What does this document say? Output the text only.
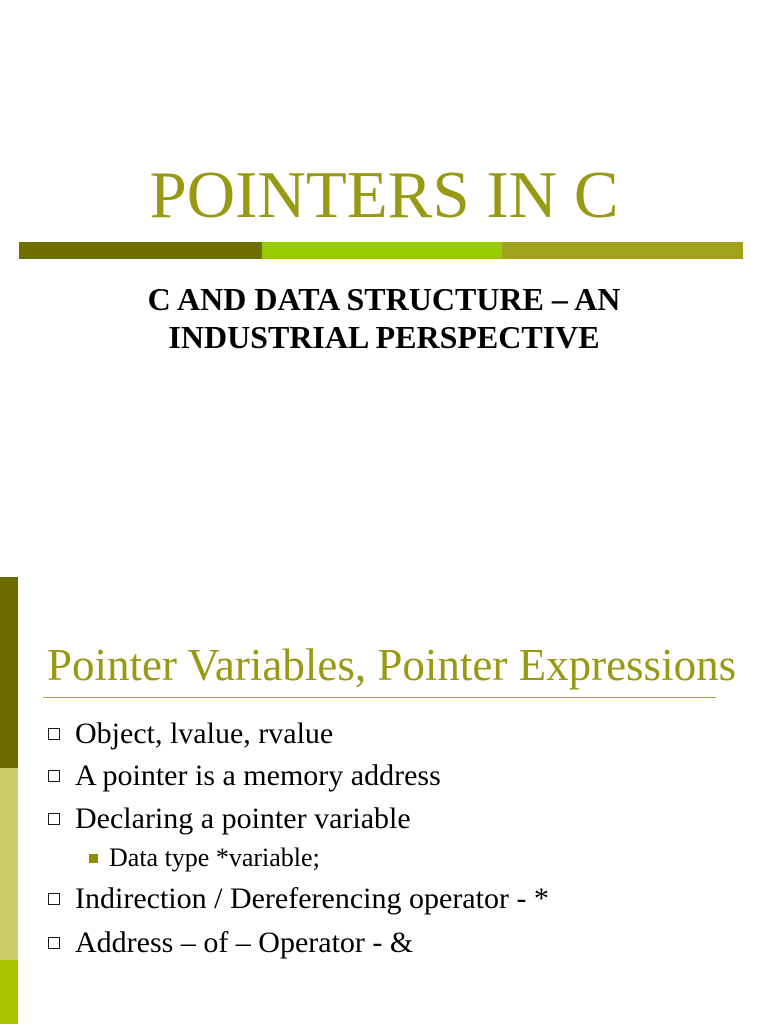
POINTERS IN C
C AND DATA STRUCTURE – AN
INDUSTRIAL PERSPECTIVE
Pointer Variables, Pointer Expressions
Object, lvalue, rvalue
A pointer is a memory address
Declaring a pointer variable
Data type *variable;
Indirection / Dereferencing operator - *
Address – of – Operator - &
